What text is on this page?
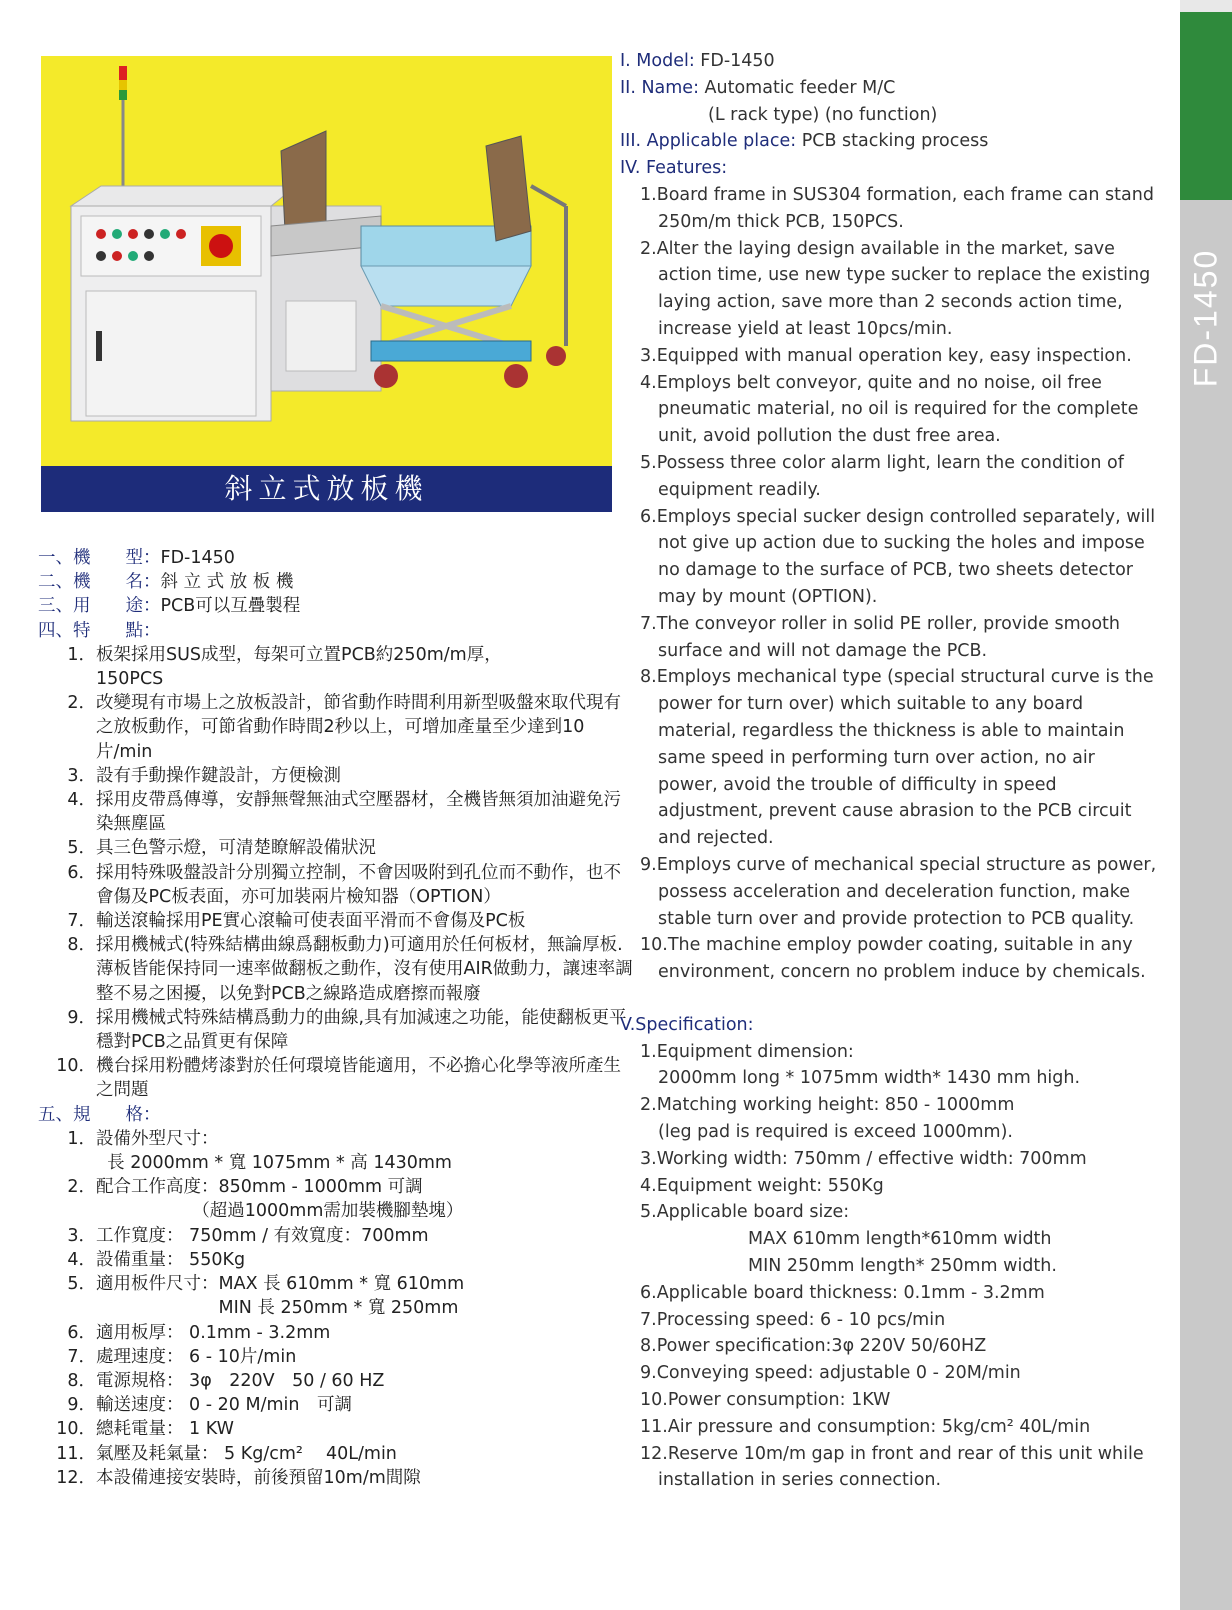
FD-1450
斜立式放板機
一、機　　型：FD-1450
二、機　　名：斜 立 式 放 板 機
三、用　　途：PCB可以互疊製程
四、特　　點：
1．板架採用SUS成型，每架可立置PCB約250m/m厚，
150PCS
2．改變現有市場上之放板設計，節省動作時間利用新型吸盤來取代現有之放板動作，可節省動作時間2秒以上，可增加產量至少達到10片/min
3．設有手動操作鍵設計，方便檢測
4．採用皮帶爲傳導，安靜無聲無油式空壓器材，全機皆無須加油避免污染無塵區
5．具三色警示燈，可清楚瞭解設備狀況
6．採用特殊吸盤設計分別獨立控制，不會因吸附到孔位而不動作，也不會傷及PC板表面，亦可加裝兩片檢知器（OPTION）
7．輸送滾輪採用PE實心滾輪可使表面平滑而不會傷及PC板
8．採用機械式(特殊結構曲線爲翻板動力)可適用於任何板材，無論厚板.薄板皆能保持同一速率做翻板之動作，沒有使用AIR做動力，讓速率調整不易之困擾，以免對PCB之線路造成磨擦而報廢
9．採用機械式特殊結構爲動力的曲線,具有加減速之功能，能使翻板更平穩對PCB之品質更有保障
10．機台採用粉體烤漆對於任何環境皆能適用，不必擔心化學等液所產生之問題
五、規　　格：
1．設備外型尺寸：
長 2000mm * 寬 1075mm * 高 1430mm
2．配合工作高度：850mm - 1000mm 可調
　　　　　　（超過1000mm需加裝機腳墊塊）
3．工作寬度： 750mm / 有效寬度：700mm
4．設備重量： 550Kg
5．適用板件尺寸：MAX 長 610mm * 寬 610mm
　　　　　　　MIN 長 250mm * 寬 250mm
6．適用板厚： 0.1mm - 3.2mm
7．處理速度： 6 - 10片/min
8．電源規格： 3φ　220V　50 / 60 HZ
9．輸送速度： 0 - 20 M/min　可調
10．總耗電量： 1 KW
11．氣壓及耗氣量： 5 Kg/cm²　 40L/min
12．本設備連接安裝時，前後預留10m/m間隙
I. Model: FD-1450
II. Name: Automatic feeder M/C
(L rack type) (no function)
III. Applicable place: PCB stacking process
IV. Features:
1.Board frame in SUS304 formation, each frame can stand 250m/m thick PCB, 150PCS.
2.Alter the laying design available in the market, save action time, use new type sucker to replace the existing laying action, save more than 2 seconds action time, increase yield at least 10pcs/min.
3.Equipped with manual operation key, easy inspection.
4.Employs belt conveyor, quite and no noise, oil free pneumatic material, no oil is required for the complete unit, avoid pollution the dust free area.
5.Possess three color alarm light, learn the condition of equipment readily.
6.Employs special sucker design controlled separately, will not give up action due to sucking the holes and impose no damage to the surface of PCB, two sheets detector may by mount (OPTION).
7.The conveyor roller in solid PE roller, provide smooth surface and will not damage the PCB.
8.Employs mechanical type (special structural curve is the power for turn over) which suitable to any board material, regardless the thickness is able to maintain same speed in performing turn over action, no air power, avoid the trouble of difficulty in speed adjustment, prevent cause abrasion to the PCB circuit and rejected.
9.Employs curve of mechanical special structure as power, possess acceleration and deceleration function, make stable turn over and provide protection to PCB quality.
10.The machine employ powder coating, suitable in any environment, concern no problem induce by chemicals.
V.Specification:
1.Equipment dimension:
2000mm long * 1075mm width* 1430 mm high.
2.Matching working height: 850 - 1000mm
(leg pad is required is exceed 1000mm).
3.Working width: 750mm / effective width: 700mm
4.Equipment weight: 550Kg
5.Applicable board size:
MAX 610mm length*610mm width
MIN 250mm length* 250mm width.
6.Applicable board thickness: 0.1mm - 3.2mm
7.Processing speed: 6 - 10 pcs/min
8.Power specification:3φ 220V 50/60HZ
9.Conveying speed: adjustable 0 - 20M/min
10.Power consumption: 1KW
11.Air pressure and consumption: 5kg/cm² 40L/min
12.Reserve 10m/m gap in front and rear of this unit while installation in series connection.
